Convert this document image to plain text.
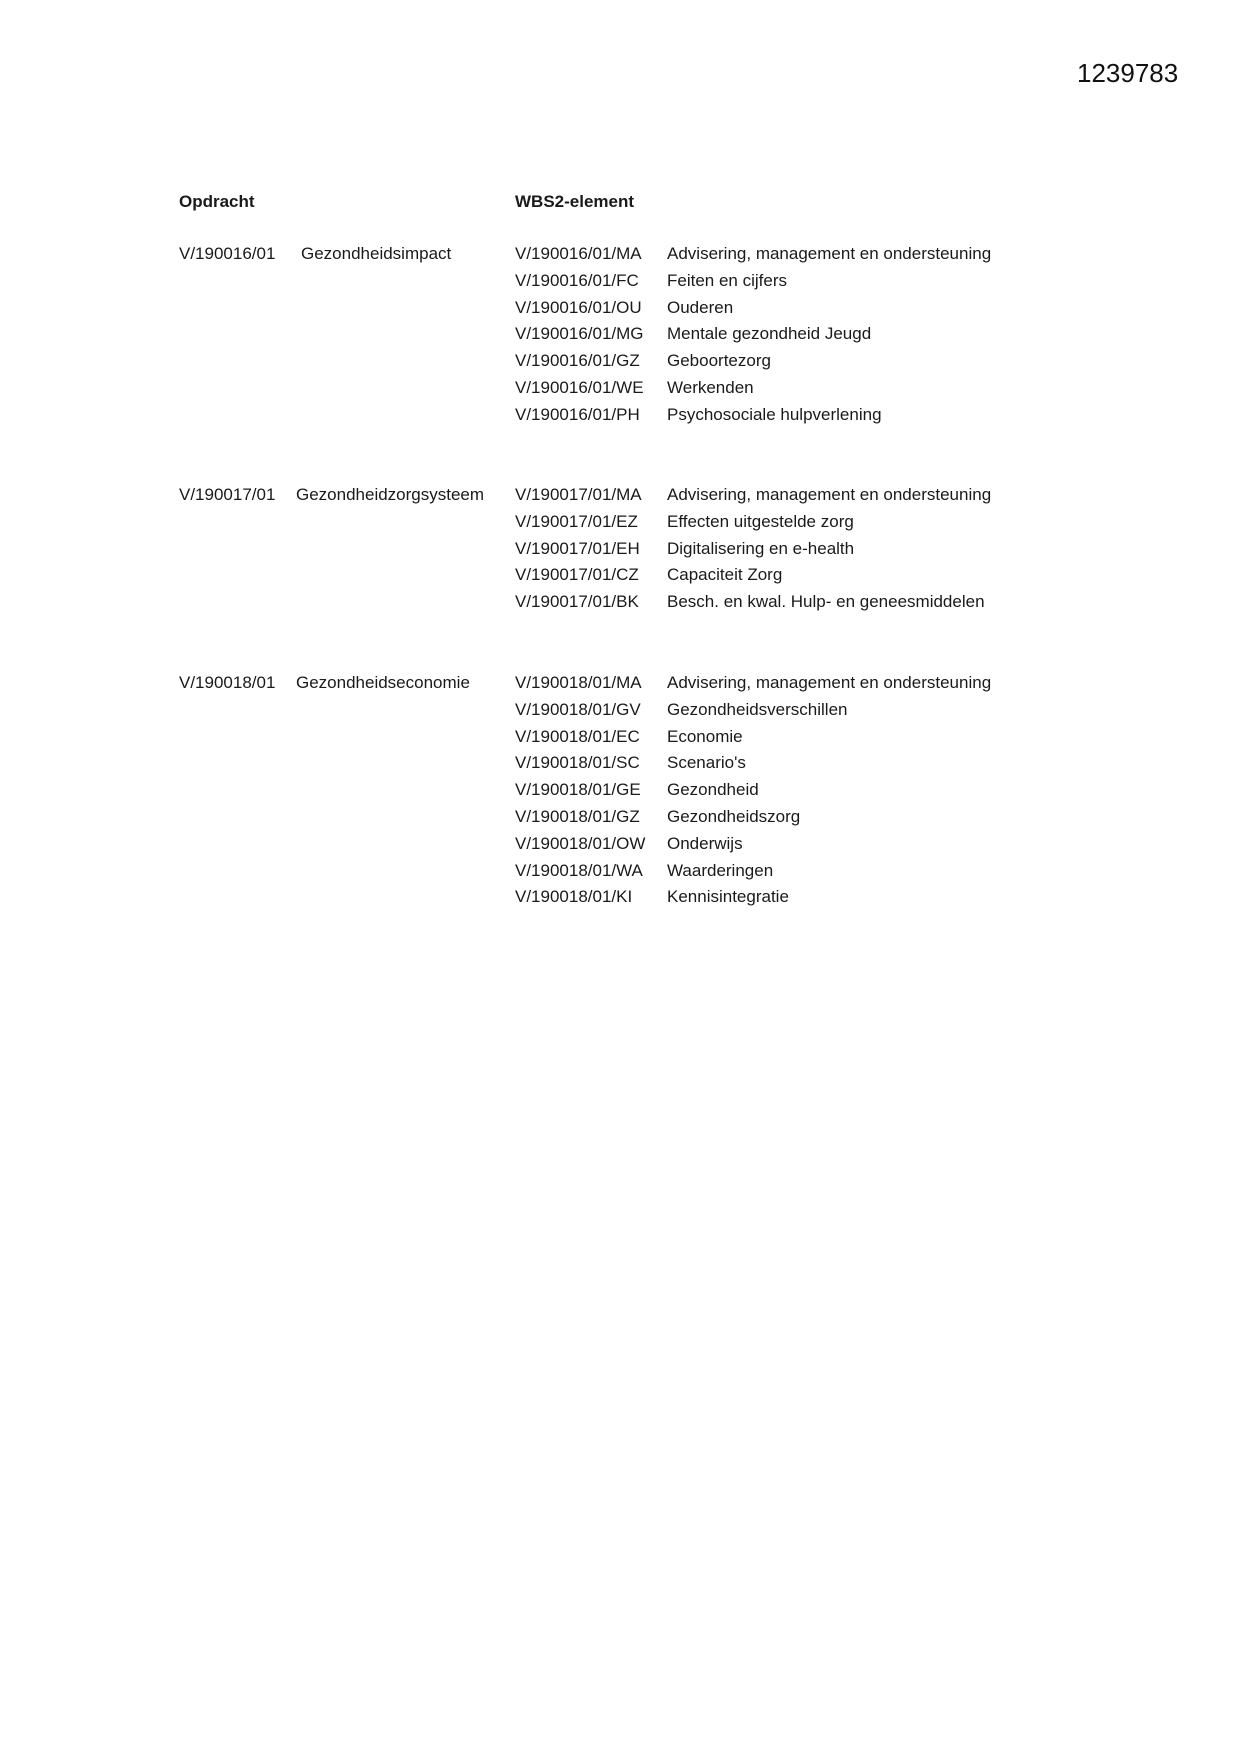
1239783
Opdracht	WBS2-element
V/190016/01 Gezondheidsimpact	V/190016/01/MA Advisering, management en ondersteuning
V/190016/01/FC Feiten en cijfers
V/190016/01/OU Ouderen
V/190016/01/MG Mentale gezondheid Jeugd
V/190016/01/GZ Geboortezorg
V/190016/01/WE Werkenden
V/190016/01/PH Psychosociale hulpverlening
V/190017/01 Gezondheidzorgsysteem V/190017/01/MA Advisering, management en ondersteuning
V/190017/01/EZ Effecten uitgestelde zorg
V/190017/01/EH Digitalisering en e-health
V/190017/01/CZ Capaciteit Zorg
V/190017/01/BK Besch. en kwal. Hulp- en geneesmiddelen
V/190018/01 Gezondheidseconomie	V/190018/01/MA Advisering, management en ondersteuning
V/190018/01/GV Gezondheidsverschillen
V/190018/01/EC Economie
V/190018/01/SC Scenario's
V/190018/01/GE Gezondheid
V/190018/01/GZ Gezondheidszorg
V/190018/01/OW Onderwijs
V/190018/01/WA Waarderingen
V/190018/01/KI Kennisintegratie
